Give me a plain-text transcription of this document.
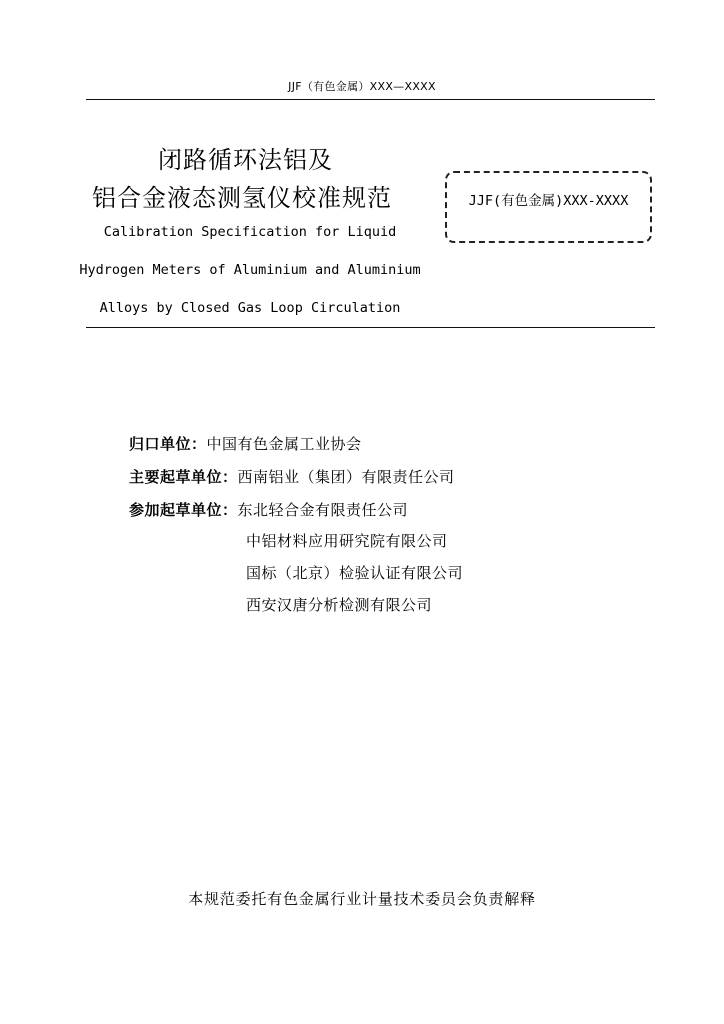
JJF（有色金属）XXX—XXXX
闭路循环法铝及
铝合金液态测氢仪校准规范
Calibration Specification for Liquid
Hydrogen Meters of Aluminium and Aluminium
Alloys by Closed Gas Loop Circulation
JJF(有色金属)XXX-XXXX
归口单位：中国有色金属工业协会
主要起草单位：西南铝业（集团）有限责任公司
参加起草单位：东北轻合金有限责任公司
中铝材料应用研究院有限公司
国标（北京）检验认证有限公司
西安汉唐分析检测有限公司
本规范委托有色金属行业计量技术委员会负责解释
